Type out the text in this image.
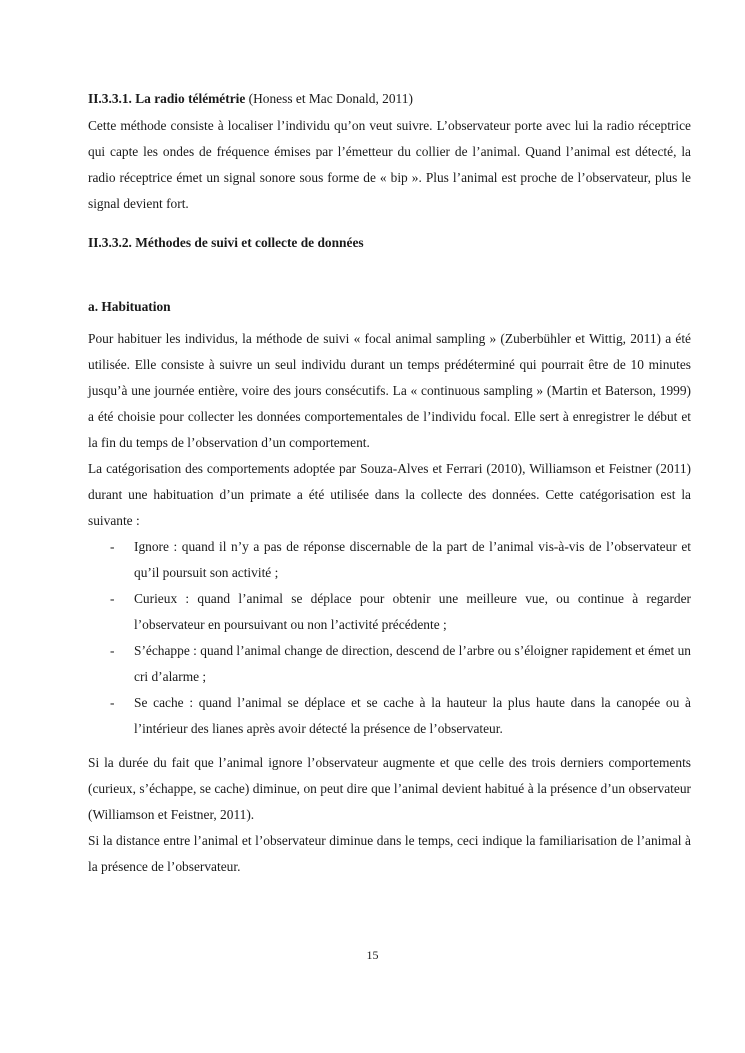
II.3.3.1. La radio télémétrie (Honess et Mac Donald, 2011)

Cette méthode consiste à localiser l’individu qu’on veut suivre. L’observateur porte avec lui la radio réceptrice qui capte les ondes de fréquence émises par l’émetteur du collier de l’animal. Quand l’animal est détecté, la radio réceptrice émet un signal sonore sous forme de « bip ». Plus l’animal est proche de l’observateur, plus le signal devient fort.

II.3.3.2. Méthodes de suivi et collecte de données
a. Habituation

Pour habituer les individus, la méthode de suivi « focal animal sampling » (Zuberbühler et Wittig, 2011) a été utilisée. Elle consiste à suivre un seul individu durant un temps prédéterminé qui pourrait être de 10 minutes jusqu’à une journée entière, voire des jours consécutifs. La « continuous sampling » (Martin et Baterson, 1999) a été choisie pour collecter les données comportementales de l’individu focal. Elle sert à enregistrer le début et la fin du temps de l’observation d’un comportement.

La catégorisation des comportements adoptée par Souza-Alves et Ferrari (2010), Williamson et Feistner (2011) durant une habituation d’un primate a été utilisée dans la collecte des données. Cette catégorisation est la suivante :

- Ignore : quand il n’y a pas de réponse discernable de la part de l’animal vis-à-vis de l’observateur et qu’il poursuit son activité ;
- Curieux : quand l’animal se déplace pour obtenir une meilleure vue, ou continue à regarder l’observateur en poursuivant ou non l’activité précédente ;
- S’échappe : quand l’animal change de direction, descend de l’arbre ou s’éloigner rapidement et émet un cri d’alarme ;
- Se cache : quand l’animal se déplace et se cache à la hauteur la plus haute dans la canopée ou à l’intérieur des lianes après avoir détecté la présence de l’observateur.

Si la durée du fait que l’animal ignore l’observateur augmente et que celle des trois derniers comportements (curieux, s’échappe, se cache) diminue, on peut dire que l’animal devient habitué à la présence d’un observateur (Williamson et Feistner, 2011).

Si la distance entre l’animal et l’observateur diminue dans le temps, ceci indique la familiarisation de l’animal à la présence de l’observateur.

15
